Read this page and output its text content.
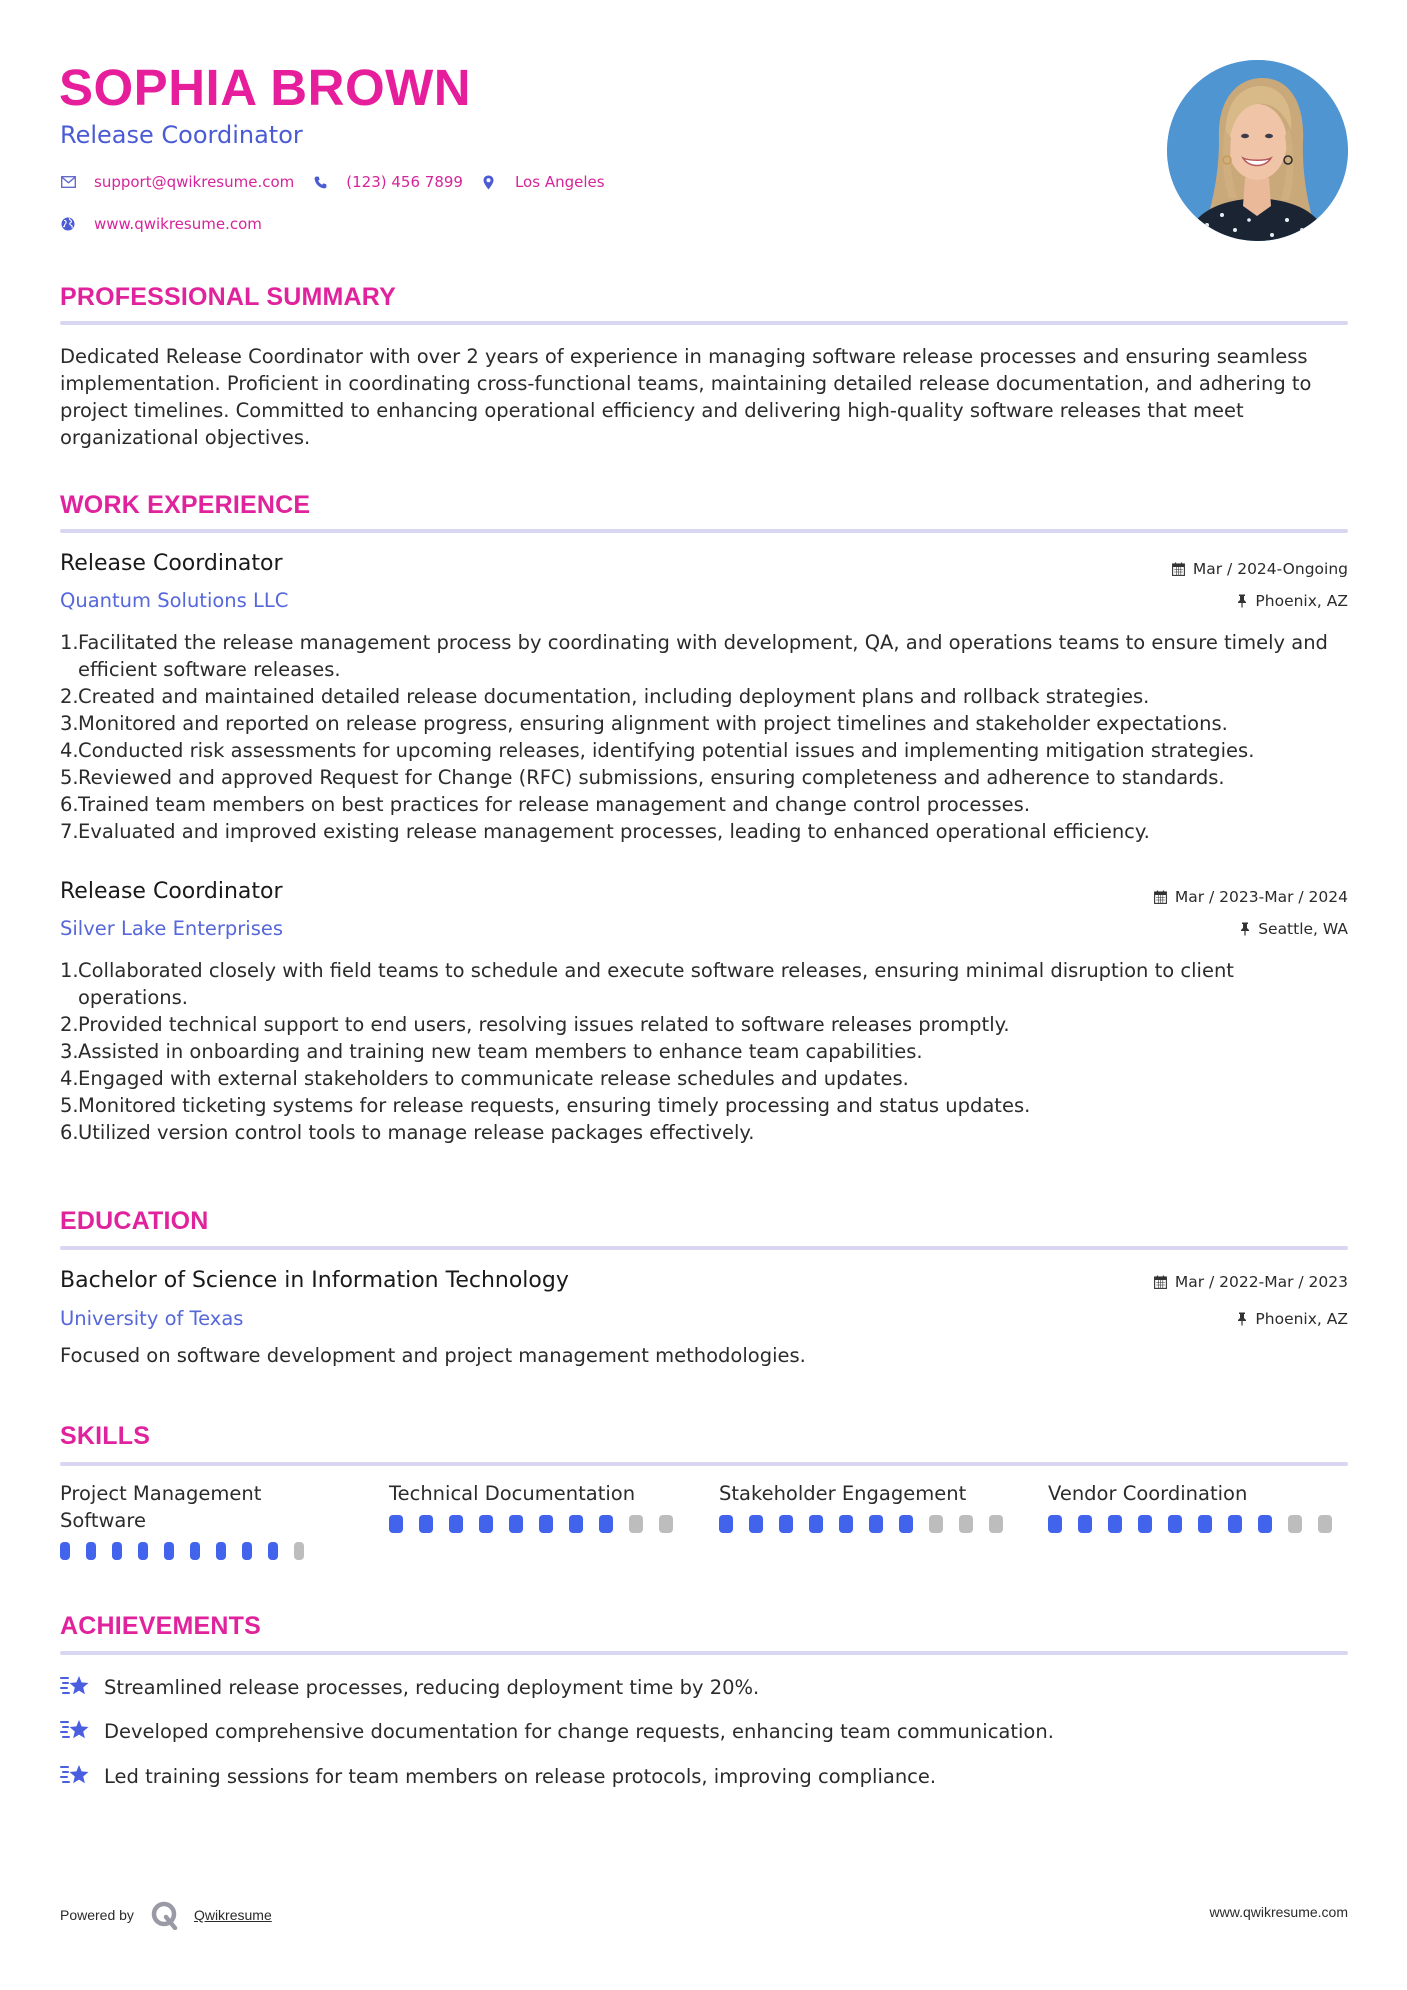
SOPHIA BROWN
Release Coordinator
support@qwikresume.com	(123) 456 7899	Los Angeles
www.qwikresume.com
PROFESSIONAL SUMMARY
Dedicated Release Coordinator with over 2 years of experience in managing software release processes and ensuring seamless implementation. Proficient in coordinating cross-functional teams, maintaining detailed release documentation, and adhering to project timelines. Committed to enhancing operational efficiency and delivering high-quality software releases that meet organizational objectives.
WORK EXPERIENCE
Release Coordinator
Quantum Solutions LLC
Mar / 2024-Ongoing
Phoenix, AZ
1. Facilitated the release management process by coordinating with development, QA, and operations teams to ensure timely and efficient software releases.
2. Created and maintained detailed release documentation, including deployment plans and rollback strategies.
3. Monitored and reported on release progress, ensuring alignment with project timelines and stakeholder expectations.
4. Conducted risk assessments for upcoming releases, identifying potential issues and implementing mitigation strategies.
5. Reviewed and approved Request for Change (RFC) submissions, ensuring completeness and adherence to standards.
6. Trained team members on best practices for release management and change control processes.
7. Evaluated and improved existing release management processes, leading to enhanced operational efficiency.
Release Coordinator
Silver Lake Enterprises
Mar / 2023-Mar / 2024
Seattle, WA
1. Collaborated closely with field teams to schedule and execute software releases, ensuring minimal disruption to client operations.
2. Provided technical support to end users, resolving issues related to software releases promptly.
3. Assisted in onboarding and training new team members to enhance team capabilities.
4. Engaged with external stakeholders to communicate release schedules and updates.
5. Monitored ticketing systems for release requests, ensuring timely processing and status updates.
6. Utilized version control tools to manage release packages effectively.
EDUCATION
Bachelor of Science in Information Technology
University of Texas
Mar / 2022-Mar / 2023
Phoenix, AZ
Focused on software development and project management methodologies.
SKILLS
Project Management Software
Technical Documentation	Stakeholder Engagement	Vendor Coordination
ACHIEVEMENTS
Streamlined release processes, reducing deployment time by 20%.
Developed comprehensive documentation for change requests, enhancing team communication.
Led training sessions for team members on release protocols, improving compliance.
Powered by	Qwikresume	www.qwikresume.com
